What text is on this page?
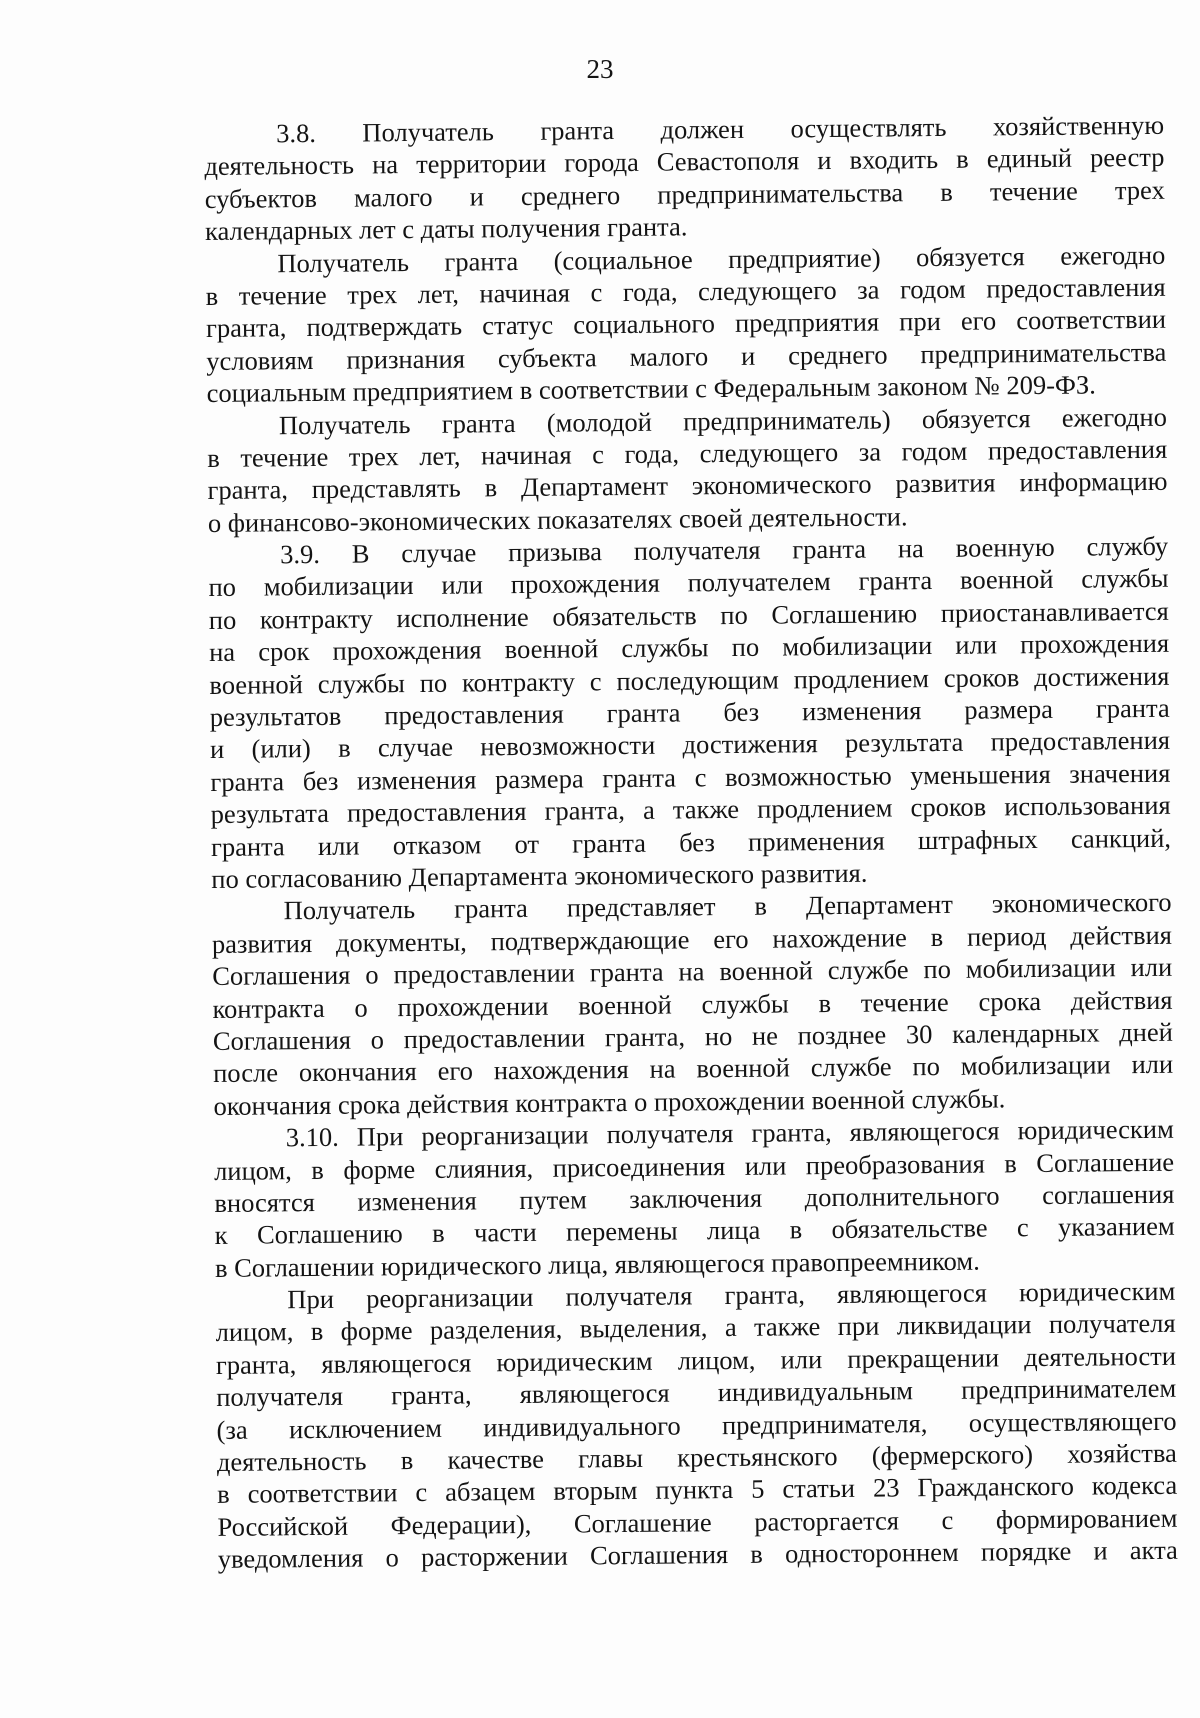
23
3.8. Получатель гранта должен осуществлять хозяйственную
деятельность на территории города Севастополя и входить в единый реестр
субъектов малого и среднего предпринимательства в течение трех
календарных лет с даты получения гранта.
Получатель гранта (социальное предприятие) обязуется ежегодно
в течение трех лет, начиная с года, следующего за годом предоставления
гранта, подтверждать статус социального предприятия при его соответствии
условиям признания субъекта малого и среднего предпринимательства
социальным предприятием в соответствии с Федеральным законом № 209-ФЗ.
Получатель гранта (молодой предприниматель) обязуется ежегодно
в течение трех лет, начиная с года, следующего за годом предоставления
гранта, представлять в Департамент экономического развития информацию
о финансово-экономических показателях своей деятельности.
3.9. В случае призыва получателя гранта на военную службу
по мобилизации или прохождения получателем гранта военной службы
по контракту исполнение обязательств по Соглашению приостанавливается
на срок прохождения военной службы по мобилизации или прохождения
военной службы по контракту с последующим продлением сроков достижения
результатов предоставления гранта без изменения размера гранта
и (или) в случае невозможности достижения результата предоставления
гранта без изменения размера гранта с возможностью уменьшения значения
результата предоставления гранта, а также продлением сроков использования
гранта или отказом от гранта без применения штрафных санкций,
по согласованию Департамента экономического развития.
Получатель гранта представляет в Департамент экономического
развития документы, подтверждающие его нахождение в период действия
Соглашения о предоставлении гранта на военной службе по мобилизации или
контракта о прохождении военной службы в течение срока действия
Соглашения о предоставлении гранта, но не позднее 30 календарных дней
после окончания его нахождения на военной службе по мобилизации или
окончания срока действия контракта о прохождении военной службы.
3.10. При реорганизации получателя гранта, являющегося юридическим
лицом, в форме слияния, присоединения или преобразования в Соглашение
вносятся изменения путем заключения дополнительного соглашения
к Соглашению в части перемены лица в обязательстве с указанием
в Соглашении юридического лица, являющегося правопреемником.
При реорганизации получателя гранта, являющегося юридическим
лицом, в форме разделения, выделения, а также при ликвидации получателя
гранта, являющегося юридическим лицом, или прекращении деятельности
получателя гранта, являющегося индивидуальным предпринимателем
(за исключением индивидуального предпринимателя, осуществляющего
деятельность в качестве главы крестьянского (фермерского) хозяйства
в соответствии с абзацем вторым пункта 5 статьи 23 Гражданского кодекса
Российской Федерации), Соглашение расторгается с формированием
уведомления о расторжении Соглашения в одностороннем порядке и акта
